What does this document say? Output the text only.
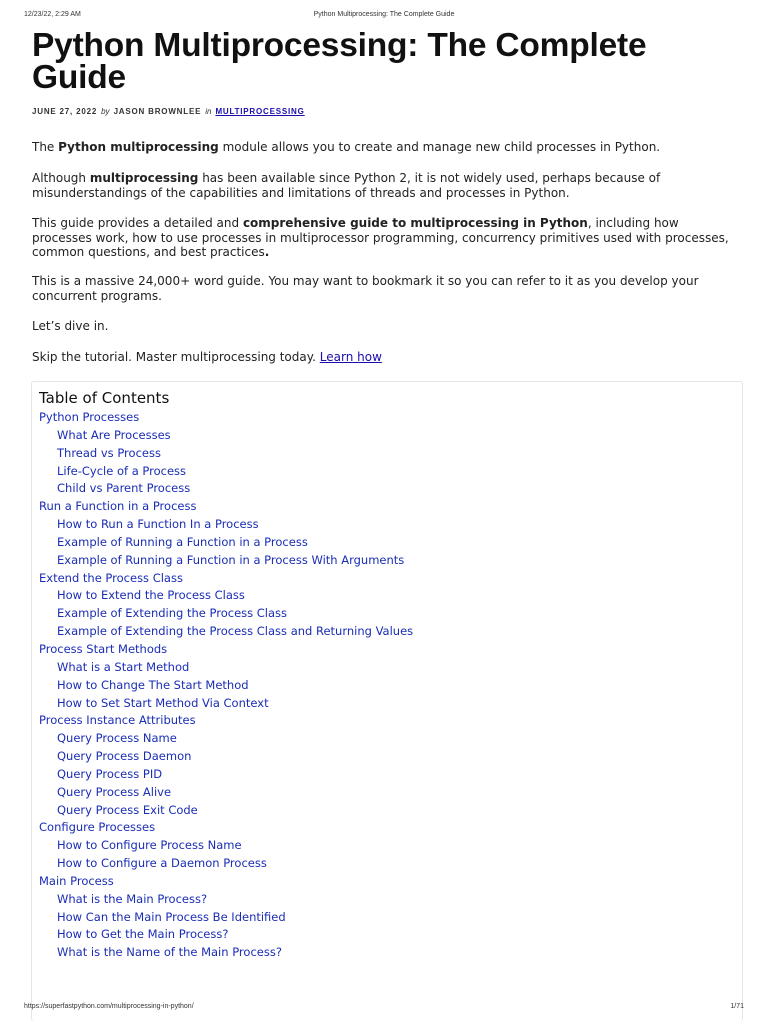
12/23/22, 2:29 AM	Python Multiprocessing: The Complete Guide
Python Multiprocessing: The Complete Guide
JUNE 27, 2022 by JASON BROWNLEE in MULTIPROCESSING

The Python multiprocessing module allows you to create and manage new child processes in Python.

Although multiprocessing has been available since Python 2, it is not widely used, perhaps because of misunderstandings of the capabilities and limitations of threads and processes in Python.

This guide provides a detailed and comprehensive guide to multiprocessing in Python, including how processes work, how to use processes in multiprocessor programming, concurrency primitives used with processes, common questions, and best practices.

This is a massive 24,000+ word guide. You may want to bookmark it so you can refer to it as you develop your concurrent programs.

Let’s dive in.

Skip the tutorial. Master multiprocessing today. Learn how

Table of Contents
Python Processes
What Are Processes
Thread vs Process
Life-Cycle of a Process
Child vs Parent Process
Run a Function in a Process
How to Run a Function In a Process
Example of Running a Function in a Process
Example of Running a Function in a Process With Arguments
Extend the Process Class
How to Extend the Process Class
Example of Extending the Process Class
Example of Extending the Process Class and Returning Values
Process Start Methods
What is a Start Method
How to Change The Start Method
How to Set Start Method Via Context
Process Instance Attributes
Query Process Name
Query Process Daemon
Query Process PID
Query Process Alive
Query Process Exit Code
Configure Processes
How to Configure Process Name
How to Configure a Daemon Process
Main Process
What is the Main Process?
How Can the Main Process Be Identified
How to Get the Main Process?
What is the Name of the Main Process?
https://superfastpython.com/multiprocessing-in-python/	1/71
